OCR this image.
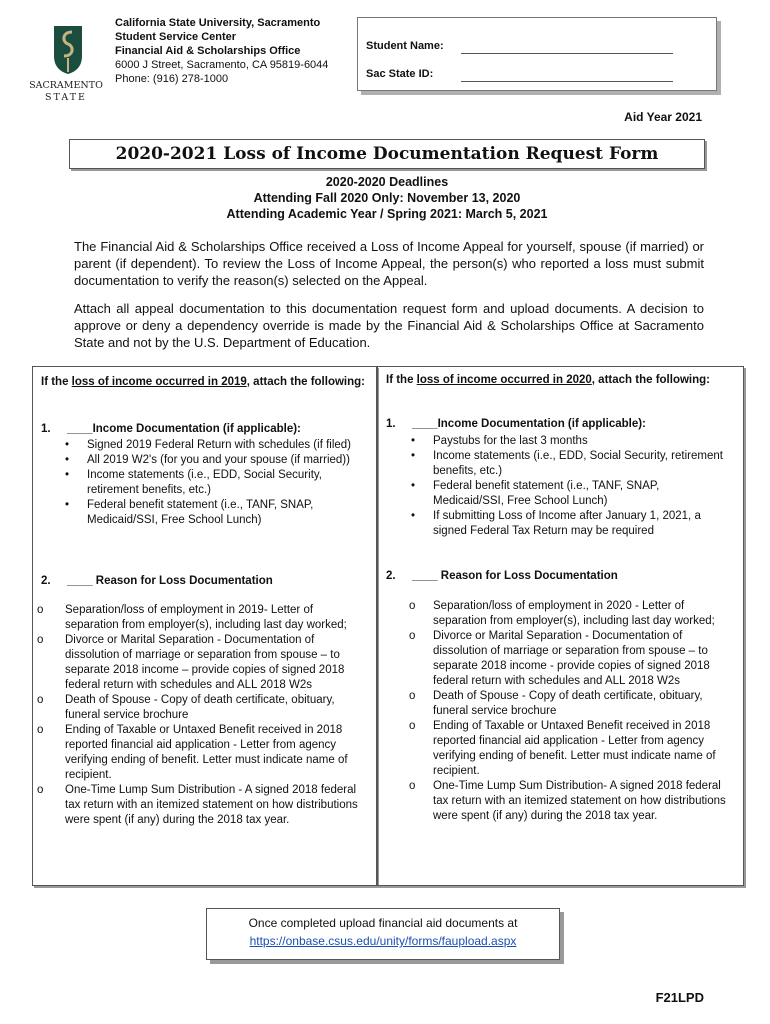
SACRAMENTO
STATE
California State University, Sacramento
Student Service Center
Financial Aid & Scholarships Office
6000 J Street, Sacramento, CA 95819-6044
Phone: (916) 278-1000
Student Name:
Sac State ID:
Aid Year 2021
2020-2021 Loss of Income Documentation Request Form
2020-2020 Deadlines
Attending Fall 2020 Only: November 13, 2020
Attending Academic Year / Spring 2021: March 5, 2021
The Financial Aid & Scholarships Office received a Loss of Income Appeal for yourself, spouse (if married) or parent (if dependent). To review the Loss of Income Appeal, the person(s) who reported a loss must submit documentation to verify the reason(s) selected on the Appeal.
Attach all appeal documentation to this documentation request form and upload documents. A decision to approve or deny a dependency override is made by the Financial Aid & Scholarships Office at Sacramento State and not by the U.S. Department of Education.
If the loss of income occurred in 2019, attach the following:
1. ____Income Documentation (if applicable):
• Signed 2019 Federal Return with schedules (if filed)
• All 2019 W2's (for you and your spouse (if married))
• Income statements (i.e., EDD, Social Security, retirement benefits, etc.)
• Federal benefit statement (i.e., TANF, SNAP, Medicaid/SSI, Free School Lunch)
2. ____ Reason for Loss Documentation
o Separation/loss of employment in 2019- Letter of separation from employer(s), including last day worked;
o Divorce or Marital Separation - Documentation of dissolution of marriage or separation from spouse – to separate 2018 income – provide copies of signed 2018 federal return with schedules and ALL 2018 W2s
o Death of Spouse - Copy of death certificate, obituary, funeral service brochure
o Ending of Taxable or Untaxed Benefit received in 2018 reported financial aid application - Letter from agency verifying ending of benefit. Letter must indicate name of recipient.
o One-Time Lump Sum Distribution - A signed 2018 federal tax return with an itemized statement on how distributions were spent (if any) during the 2018 tax year.
If the loss of income occurred in 2020, attach the following:
1. ____Income Documentation (if applicable):
• Paystubs for the last 3 months
• Income statements (i.e., EDD, Social Security, retirement benefits, etc.)
• Federal benefit statement (i.e., TANF, SNAP, Medicaid/SSI, Free School Lunch)
• If submitting Loss of Income after January 1, 2021, a signed Federal Tax Return may be required
2. ____ Reason for Loss Documentation
o Separation/loss of employment in 2020 - Letter of separation from employer(s), including last day worked;
o Divorce or Marital Separation - Documentation of dissolution of marriage or separation from spouse – to separate 2018 income - provide copies of signed 2018 federal return with schedules and ALL 2018 W2s
o Death of Spouse - Copy of death certificate, obituary, funeral service brochure
o Ending of Taxable or Untaxed Benefit received in 2018 reported financial aid application - Letter from agency verifying ending of benefit. Letter must indicate name of recipient.
o One-Time Lump Sum Distribution- A signed 2018 federal tax return with an itemized statement on how distributions were spent (if any) during the 2018 tax year.
Once completed upload financial aid documents at
https://onbase.csus.edu/unity/forms/faupload.aspx
F21LPD
